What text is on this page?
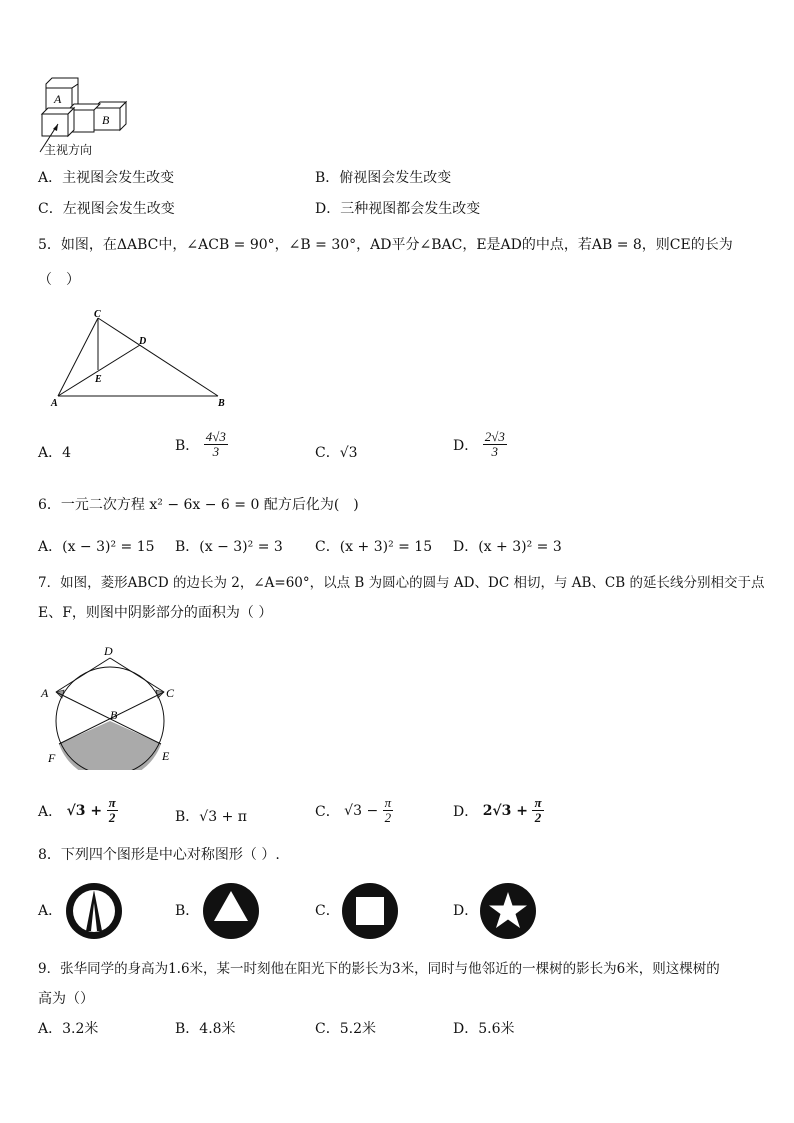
A
B
主视方向
A．主视图会发生改变	B．俯视图会发生改变
C．左视图会发生改变	D．三种视图都会发生改变
5．如图，在ΔABC中，∠ACB = 90°，∠B = 30°，AD平分∠BAC，E是AD的中点，若AB = 8，则CE的长为
（　）
C
D
E
A	B
A．4	B． $\frac{4√3}{3}$	C．√3	D． $\frac{2√3}{3}$
6．一元二次方程 x² − 6x − 6 = 0 配方后化为(　)
A．(x − 3)² = 15 B．(x − 3)² = 3 C．(x + 3)² = 15 D．(x + 3)² = 3
7．如图，菱形ABCD 的边长为 2，∠A=60°，以点 B 为圆心的圆与 AD、DC 相切，与 AB、CB 的延长线分别相交于点
E、F，则图中阴影部分的面积为（ ）
D
A	C
B
F	E
A． $√3 + \frac{\pi}{2}$	B．√3 + π	C． $√3 - \frac{\pi}{2}$	D． $2√3 + \frac{\pi}{2}$
8．下列四个图形是中心对称图形（ ）.
A．	B．	C．	D．
9．张华同学的身高为1.6米，某一时刻他在阳光下的影长为3米，同时与他邻近的一棵树的影长为6米，则这棵树的
高为（）
A．3.2米	B．4.8米	C．5.2米	D．5.6米
